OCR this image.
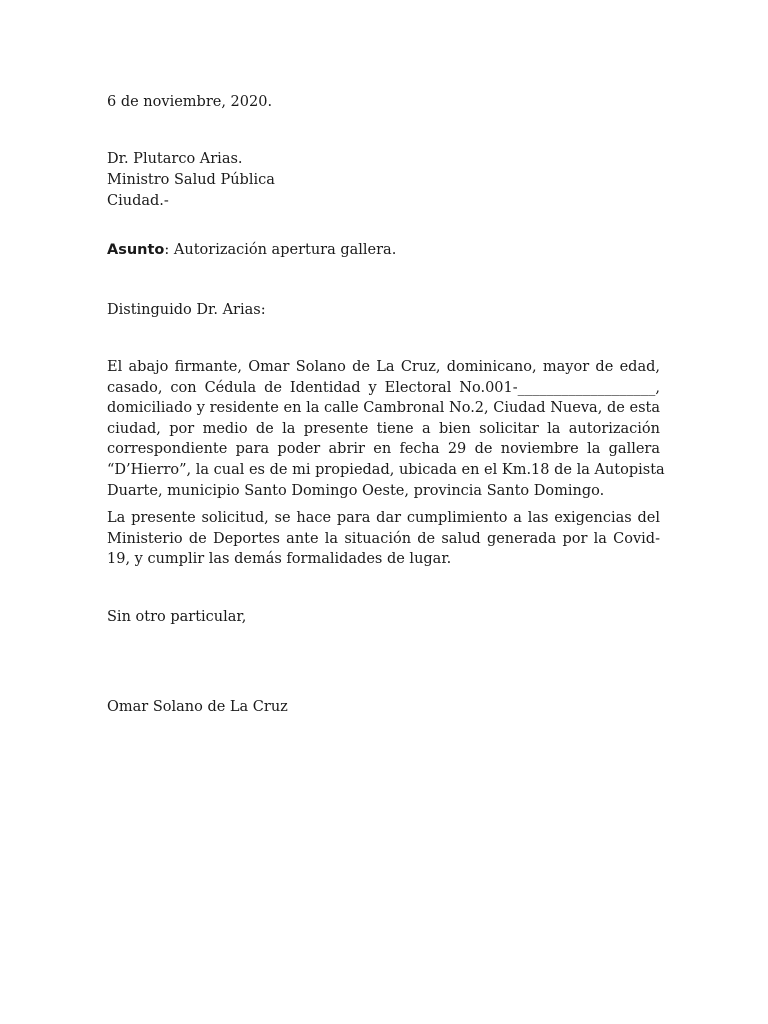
6 de noviembre, 2020.
Dr. Plutarco Arias.
Ministro Salud Pública
Ciudad.-
Asunto: Autorización apertura gallera.
Distinguido Dr. Arias:
El abajo firmante, Omar Solano de La Cruz, dominicano, mayor de edad,
casado, con Cédula de Identidad y Electoral No.001-___________________,
domiciliado y residente en la calle Cambronal No.2, Ciudad Nueva, de esta
ciudad, por medio de la presente tiene a bien solicitar la autorización
correspondiente para poder abrir en fecha 29 de noviembre la gallera
“D’Hierro”, la cual es de mi propiedad, ubicada en el Km.18 de la Autopista
Duarte, municipio Santo Domingo Oeste, provincia Santo Domingo.
La presente solicitud, se hace para dar cumplimiento a las exigencias del
Ministerio de Deportes ante la situación de salud generada por la Covid-
19, y cumplir las demás formalidades de lugar.
Sin otro particular,
Omar Solano de La Cruz
